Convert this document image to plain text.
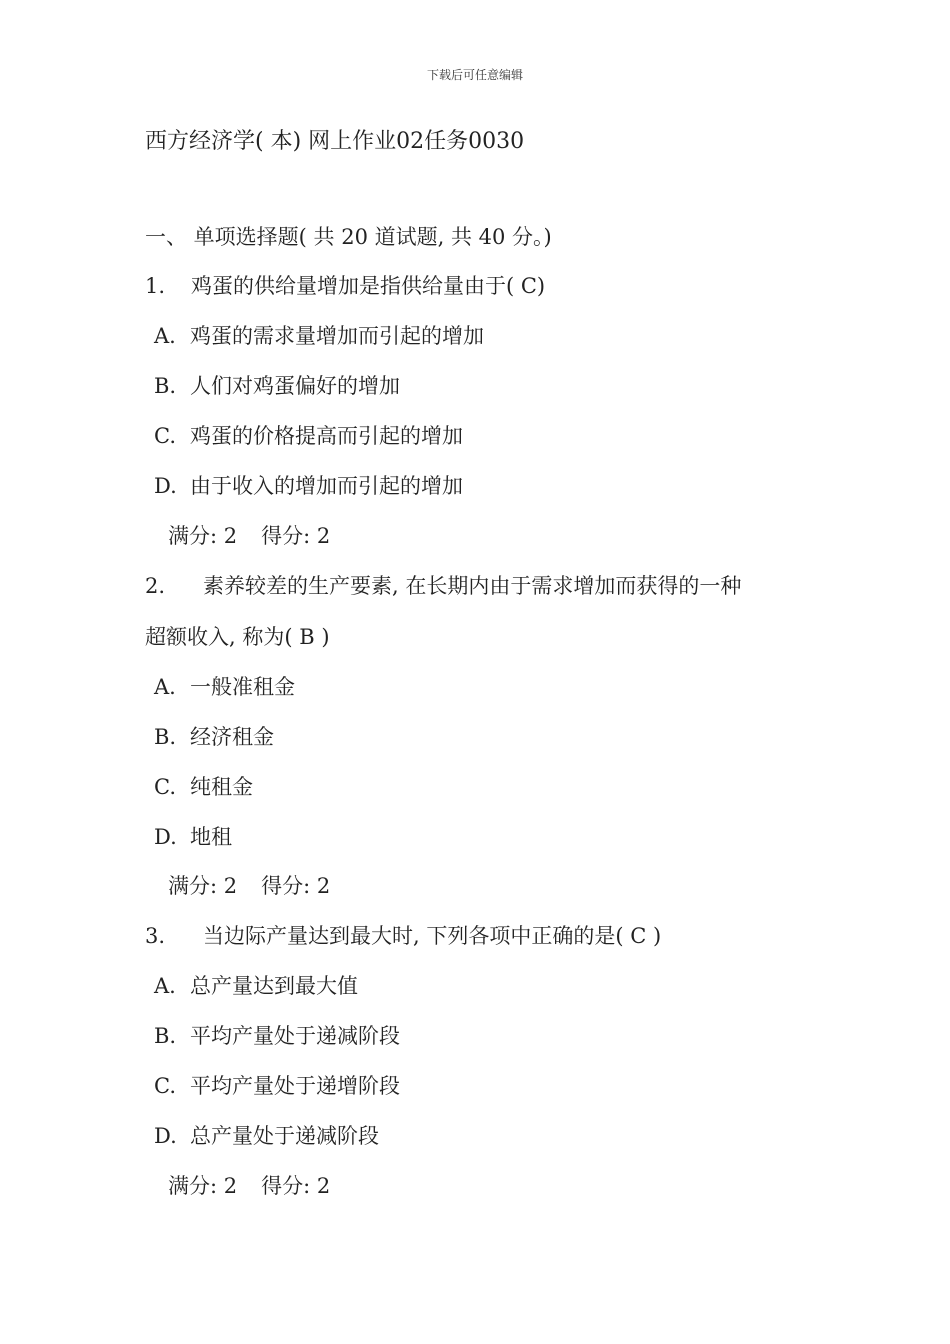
下载后可任意编辑
西方经济学( 本) 网上作业02任务0030
一、 单项选择题( 共 20 道试题, 共 40 分。)
1. 鸡蛋的供给量增加是指供给量由于( C)
A. 鸡蛋的需求量增加而引起的增加
B. 人们对鸡蛋偏好的增加
C. 鸡蛋的价格提高而引起的增加
D. 由于收入的增加而引起的增加
满分: 2 得分: 2
2. 素养较差的生产要素, 在长期内由于需求增加而获得的一种
超额收入, 称为( B )
A. 一般准租金
B. 经济租金
C. 纯租金
D. 地租
满分: 2 得分: 2
3. 当边际产量达到最大时, 下列各项中正确的是( C )
A. 总产量达到最大值
B. 平均产量处于递减阶段
C. 平均产量处于递增阶段
D. 总产量处于递减阶段
满分: 2 得分: 2
